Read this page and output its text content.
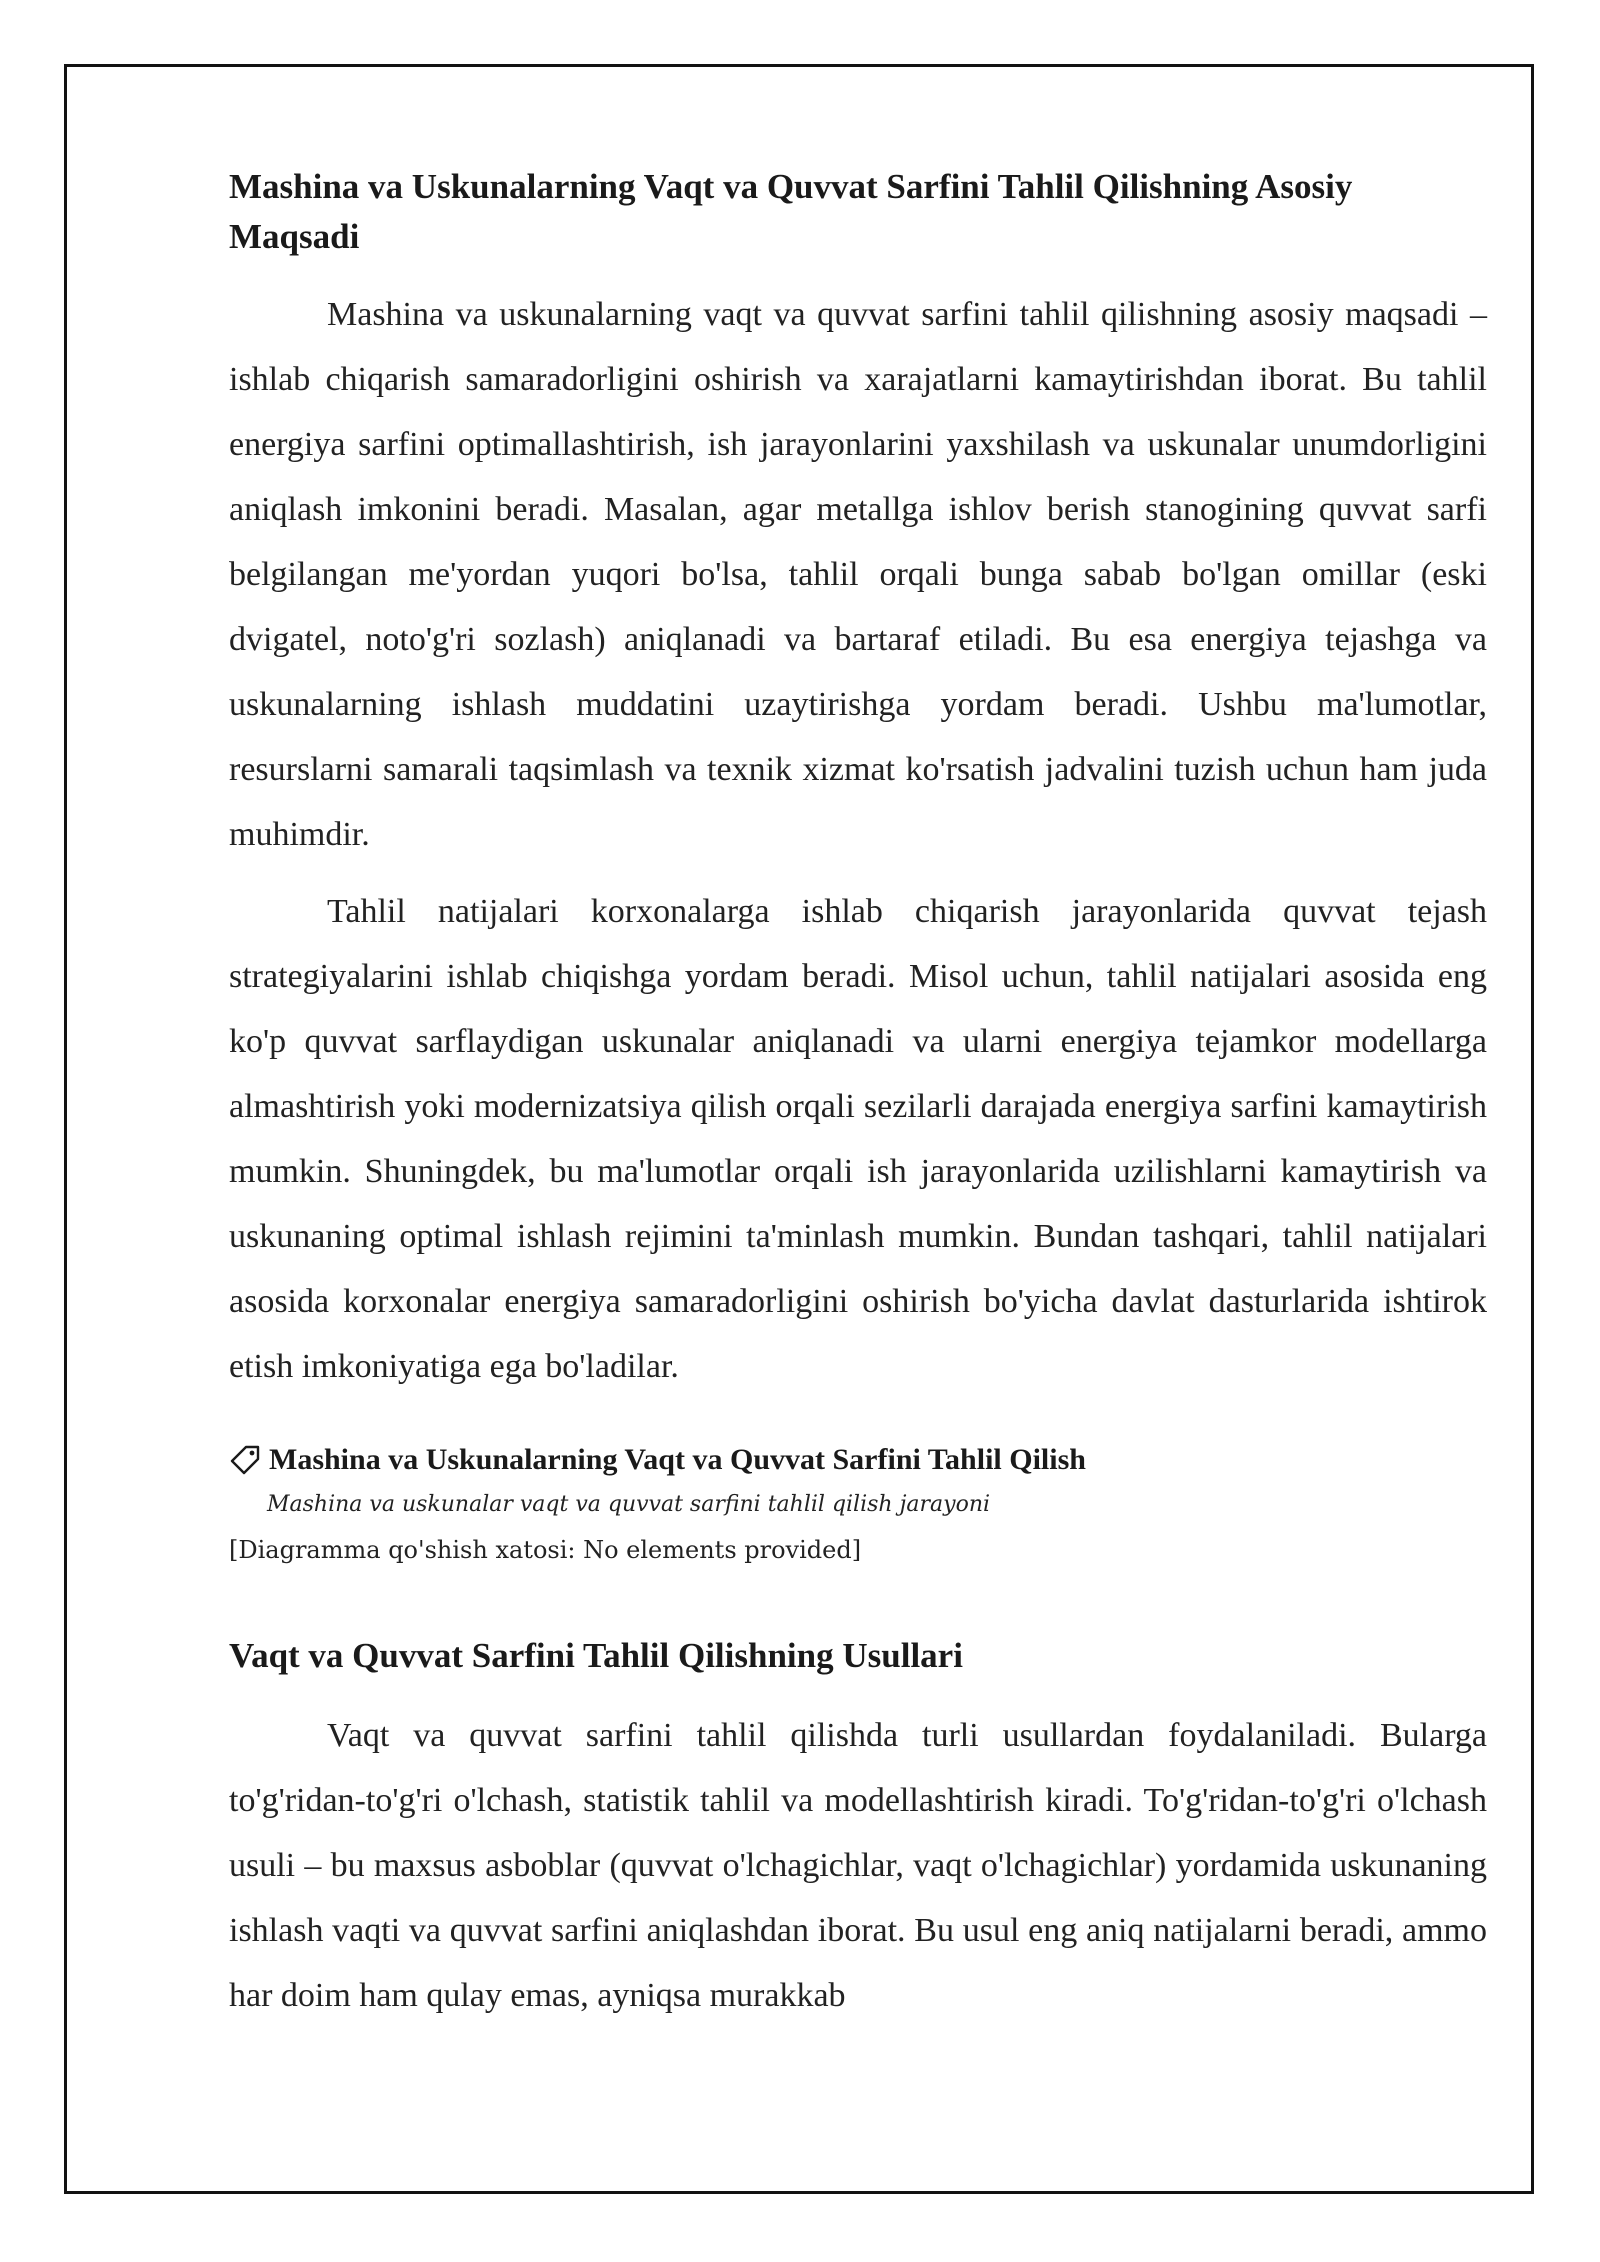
Mashina va Uskunalarning Vaqt va Quvvat Sarfini Tahlil Qilishning Asosiy Maqsadi

Mashina va uskunalarning vaqt va quvvat sarfini tahlil qilishning asosiy maqsadi – ishlab chiqarish samaradorligini oshirish va xarajatlarni kamaytirishdan iborat. Bu tahlil energiya sarfini optimallashtirish, ish jarayonlarini yaxshilash va uskunalar unumdorligini aniqlash imkonini beradi. Masalan, agar metallga ishlov berish stanogining quvvat sarfi belgilangan me'yordan yuqori bo'lsa, tahlil orqali bunga sabab bo'lgan omillar (eski dvigatel, noto'g'ri sozlash) aniqlanadi va bartaraf etiladi. Bu esa energiya tejashga va uskunalarning ishlash muddatini uzaytirishga yordam beradi. Ushbu ma'lumotlar, resurslarni samarali taqsimlash va texnik xizmat ko'rsatish jadvalini tuzish uchun ham juda muhimdir.

Tahlil natijalari korxonalarga ishlab chiqarish jarayonlarida quvvat tejash strategiyalarini ishlab chiqishga yordam beradi. Misol uchun, tahlil natijalari asosida eng ko'p quvvat sarflaydigan uskunalar aniqlanadi va ularni energiya tejamkor modellarga almashtirish yoki modernizatsiya qilish orqali sezilarli darajada energiya sarfini kamaytirish mumkin. Shuningdek, bu ma'lumotlar orqali ish jarayonlarida uzilishlarni kamaytirish va uskunaning optimal ishlash rejimini ta'minlash mumkin. Bundan tashqari, tahlil natijalari asosida korxonalar energiya samaradorligini oshirish bo'yicha davlat dasturlarida ishtirok etish imkoniyatiga ega bo'ladilar.

Mashina va Uskunalarning Vaqt va Quvvat Sarfini Tahlil Qilish
Mashina va uskunalar vaqt va quvvat sarfini tahlil qilish jarayoni
[Diagramma qo'shish xatosi: No elements provided]
Vaqt va Quvvat Sarfini Tahlil Qilishning Usullari

Vaqt va quvvat sarfini tahlil qilishda turli usullardan foydalaniladi. Bularga to'g'ridan-to'g'ri o'lchash, statistik tahlil va modellashtirish kiradi. To'g'ridan-to'g'ri o'lchash usuli – bu maxsus asboblar (quvvat o'lchagichlar, vaqt o'lchagichlar) yordamida uskunaning ishlash vaqti va quvvat sarfini aniqlashdan iborat. Bu usul eng aniq natijalarni beradi, ammo har doim ham qulay emas, ayniqsa murakkab
